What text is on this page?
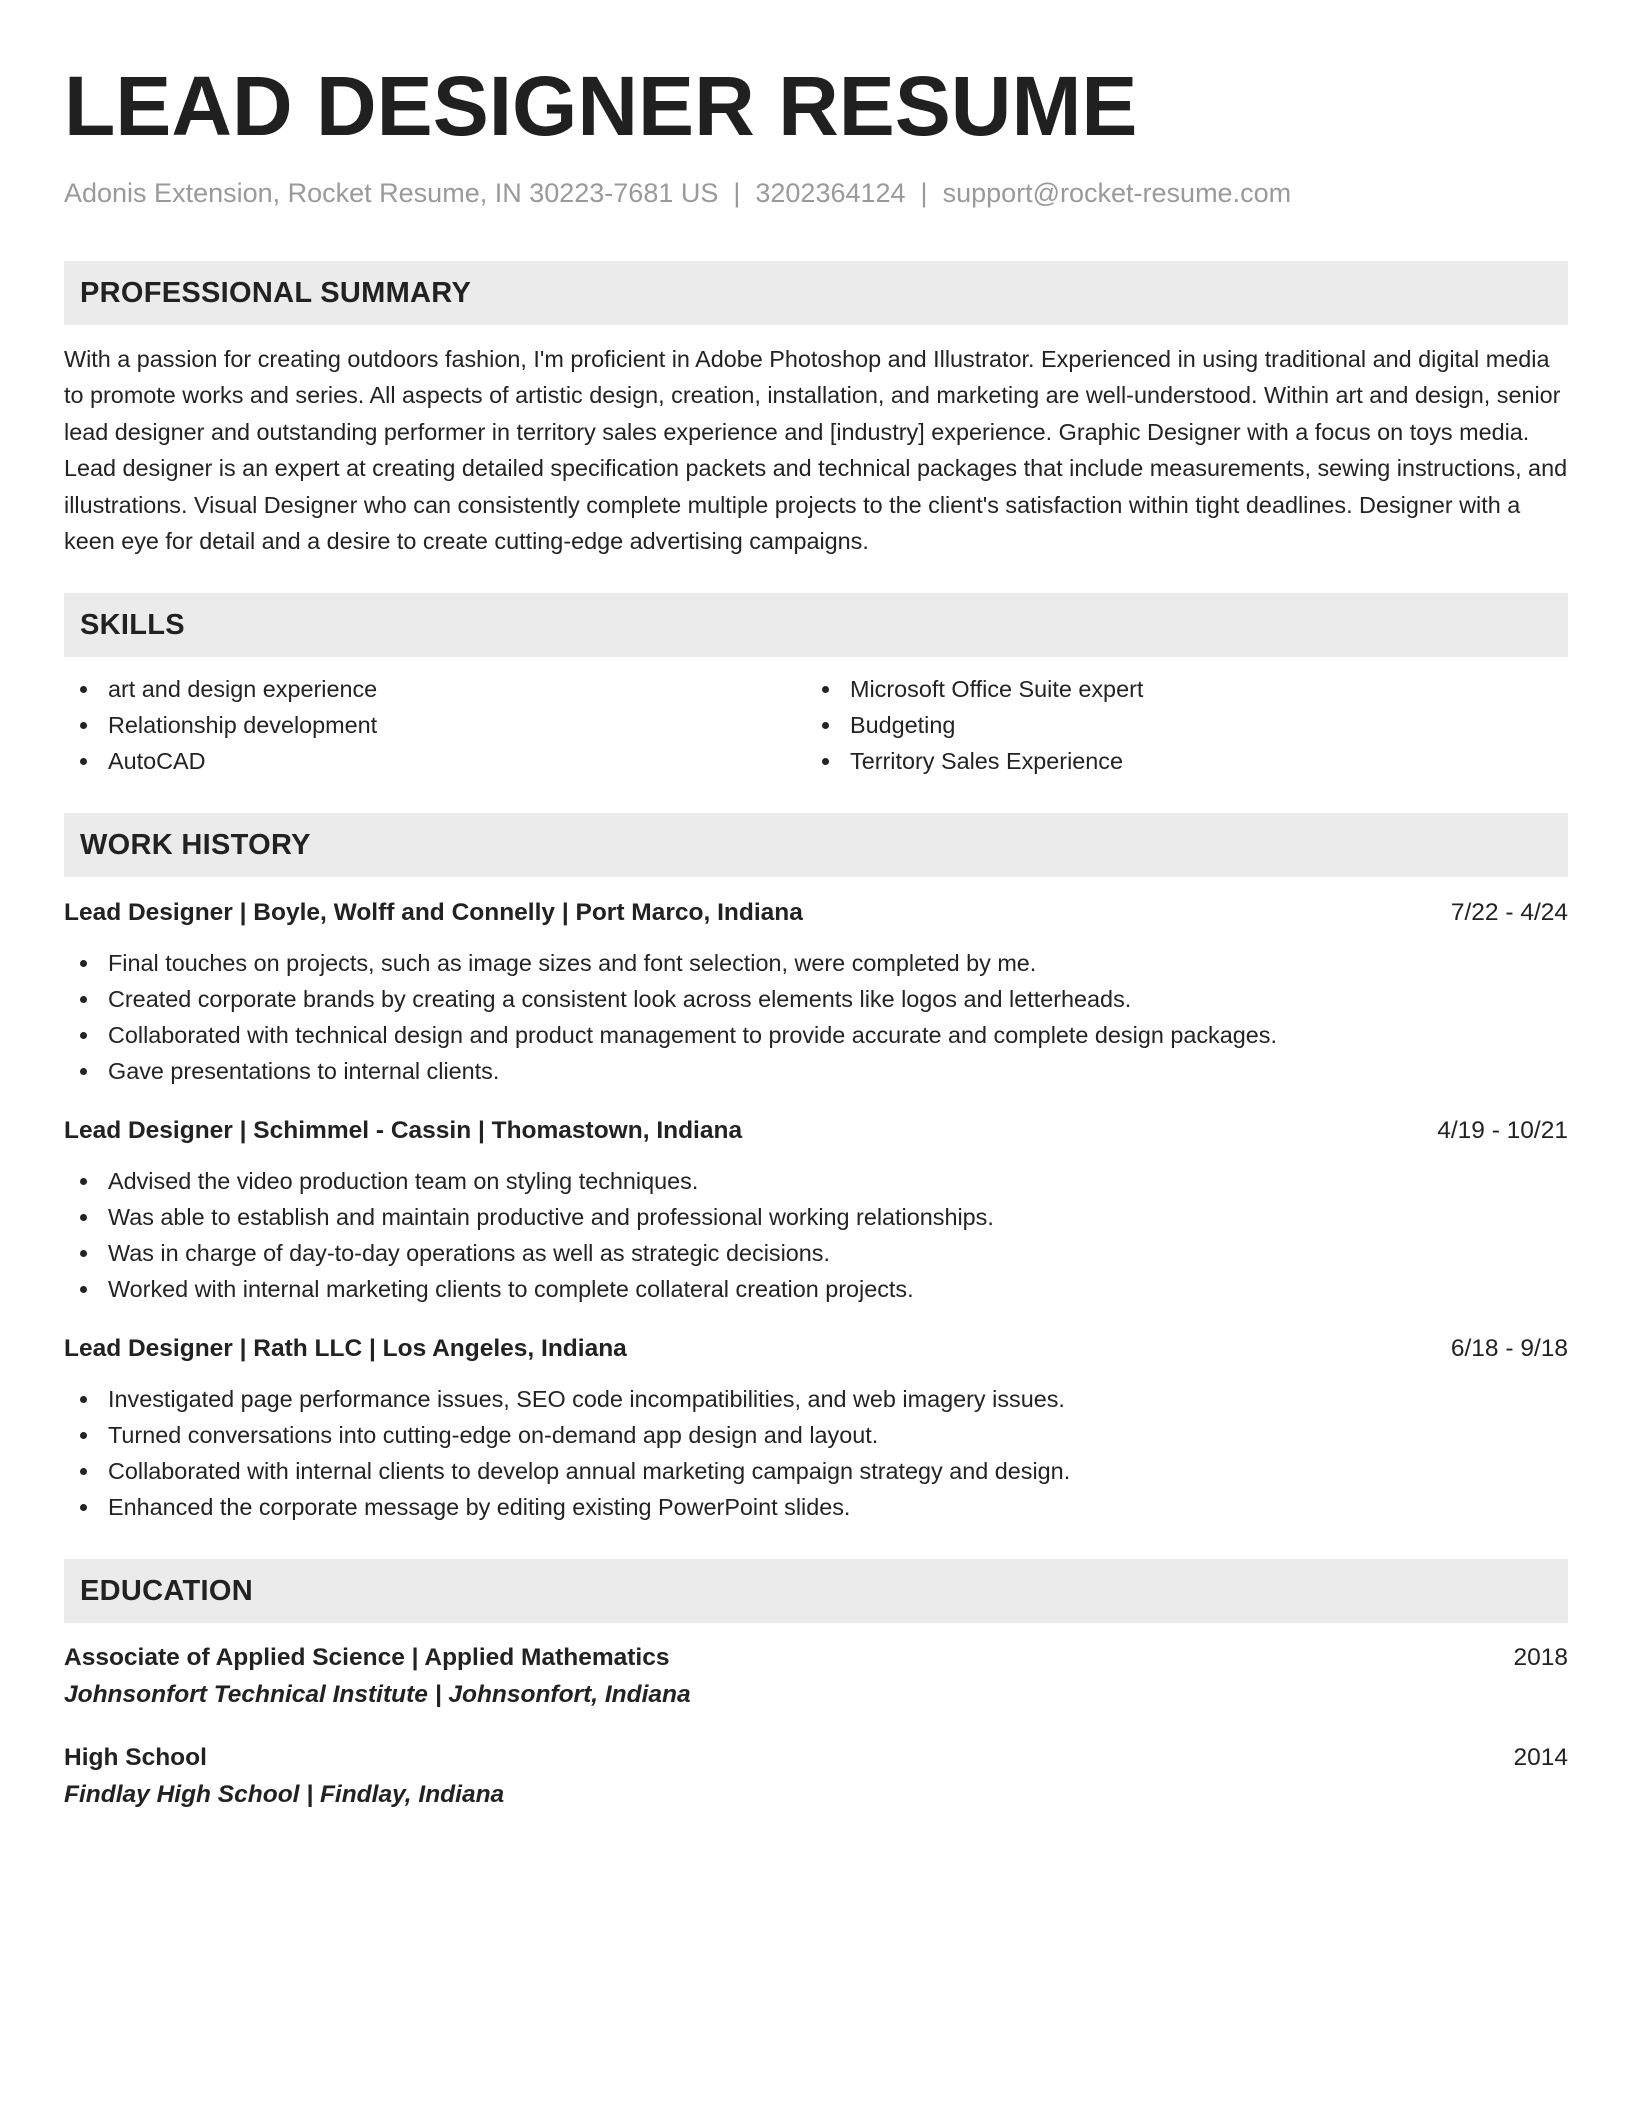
LEAD DESIGNER RESUME
Adonis Extension, Rocket Resume, IN 30223-7681 US | 3202364124 | support@rocket-resume.com
PROFESSIONAL SUMMARY
With a passion for creating outdoors fashion, I'm proficient in Adobe Photoshop and Illustrator. Experienced in using traditional and digital media to promote works and series. All aspects of artistic design, creation, installation, and marketing are well-understood. Within art and design, senior lead designer and outstanding performer in territory sales experience and [industry] experience. Graphic Designer with a focus on toys media. Lead designer is an expert at creating detailed specification packets and technical packages that include measurements, sewing instructions, and illustrations. Visual Designer who can consistently complete multiple projects to the client's satisfaction within tight deadlines. Designer with a keen eye for detail and a desire to create cutting-edge advertising campaigns.
SKILLS
art and design experience
Relationship development
AutoCAD
Microsoft Office Suite expert
Budgeting
Territory Sales Experience
WORK HISTORY
Lead Designer | Boyle, Wolff and Connelly | Port Marco, Indiana	7/22 - 4/24
Final touches on projects, such as image sizes and font selection, were completed by me.
Created corporate brands by creating a consistent look across elements like logos and letterheads.
Collaborated with technical design and product management to provide accurate and complete design packages.
Gave presentations to internal clients.
Lead Designer | Schimmel - Cassin | Thomastown, Indiana	4/19 - 10/21
Advised the video production team on styling techniques.
Was able to establish and maintain productive and professional working relationships.
Was in charge of day-to-day operations as well as strategic decisions.
Worked with internal marketing clients to complete collateral creation projects.
Lead Designer | Rath LLC | Los Angeles, Indiana	6/18 - 9/18
Investigated page performance issues, SEO code incompatibilities, and web imagery issues.
Turned conversations into cutting-edge on-demand app design and layout.
Collaborated with internal clients to develop annual marketing campaign strategy and design.
Enhanced the corporate message by editing existing PowerPoint slides.
EDUCATION
Associate of Applied Science | Applied Mathematics	2018
Johnsonfort Technical Institute | Johnsonfort, Indiana
High School	2014
Findlay High School | Findlay, Indiana
